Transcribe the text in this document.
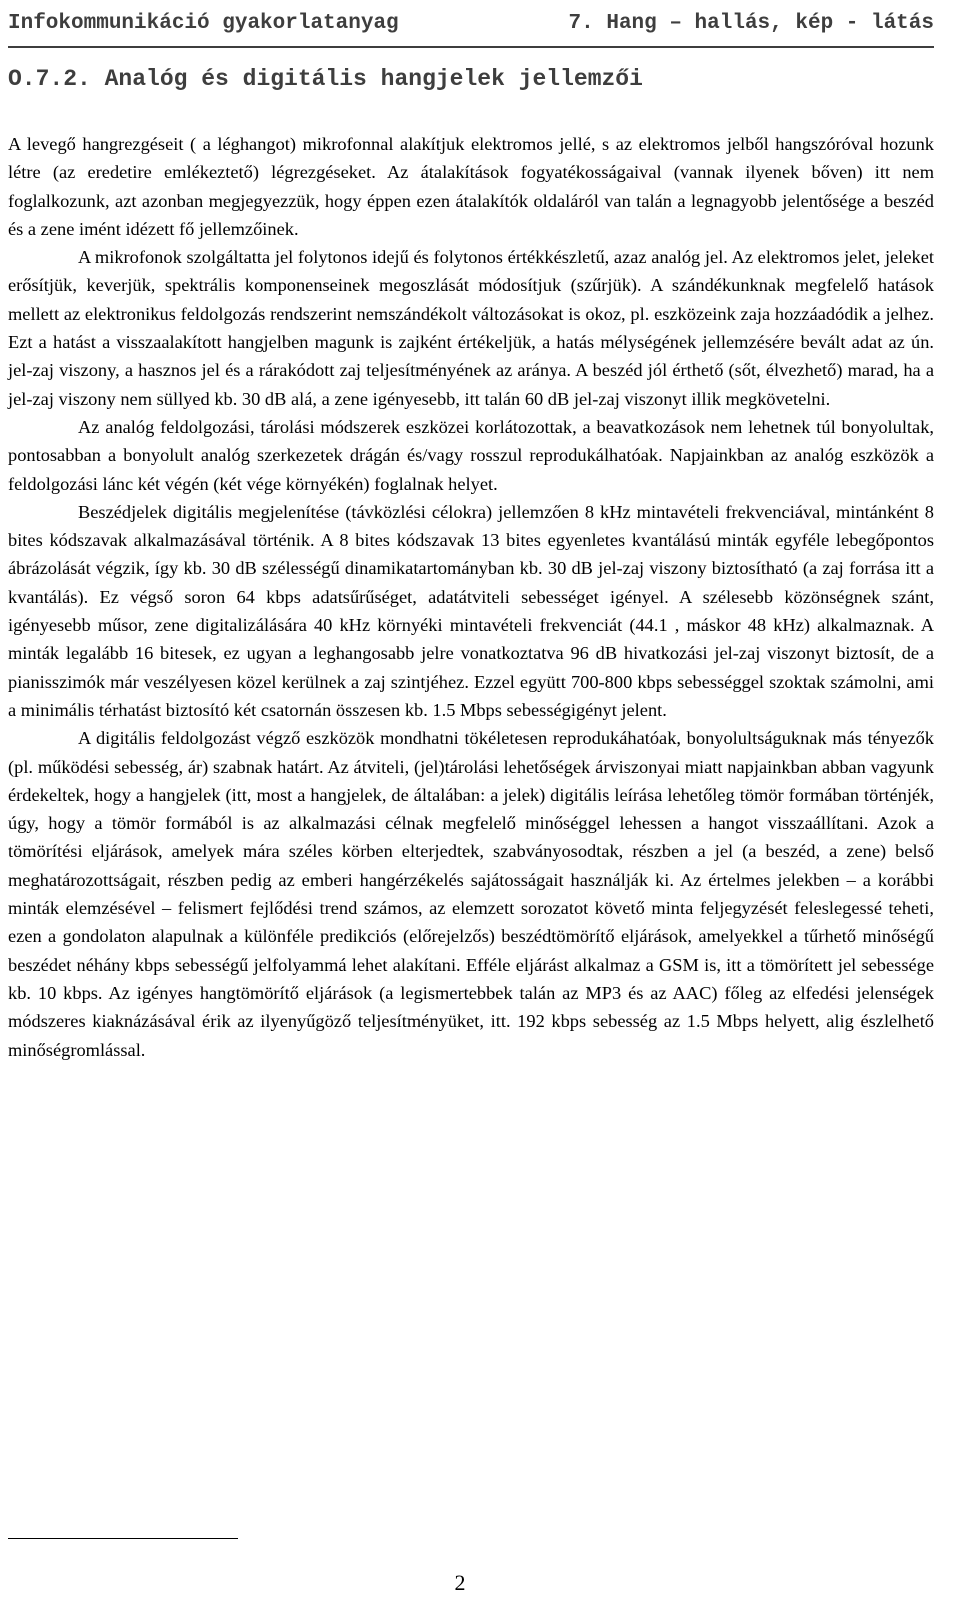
Infokommunikáció gyakorlatanyag	7. Hang – hallás, kép - látás
O.7.2. Analóg és digitális hangjelek jellemzői

A levegő hangrezgéseit ( a léghangot) mikrofonnal alakítjuk elektromos jellé, s az elektromos jelből hangszóróval hozunk létre (az eredetire emlékeztető) légrezgéseket. Az átalakítások fogyatékosságaival (vannak ilyenek bőven) itt nem foglalkozunk, azt azonban megjegyezzük, hogy éppen ezen átalakítók oldaláról van talán a legnagyobb jelentősége a beszéd és a zene imént idézett fő jellemzőinek.

A mikrofonok szolgáltatta jel folytonos idejű és folytonos értékkészletű, azaz analóg jel. Az elektromos jelet, jeleket erősítjük, keverjük, spektrális komponenseinek megoszlását módosítjuk (szűrjük). A szándékunknak megfelelő hatások mellett az elektronikus feldolgozás rendszerint nemszándékolt változásokat is okoz, pl. eszközeink zaja hozzáadódik a jelhez. Ezt a hatást a visszaalakított hangjelben magunk is zajként értékeljük, a hatás mélységének jellemzésére bevált adat az ún. jel-zaj viszony, a hasznos jel és a rárakódott zaj teljesítményének az aránya. A beszéd jól érthető (sőt, élvezhető) marad, ha a jel-zaj viszony nem süllyed kb. 30 dB alá, a zene igényesebb, itt talán 60 dB jel-zaj viszonyt illik megkövetelni.

Az analóg feldolgozási, tárolási módszerek eszközei korlátozottak, a beavatkozások nem lehetnek túl bonyolultak, pontosabban a bonyolult analóg szerkezetek drágán és/vagy rosszul reprodukálhatóak. Napjainkban az analóg eszközök a feldolgozási lánc két végén (két vége környékén) foglalnak helyet.

Beszédjelek digitális megjelenítése (távközlési célokra) jellemzően 8 kHz mintavételi frekvenciával, mintánként 8 bites kódszavak alkalmazásával történik. A 8 bites kódszavak 13 bites egyenletes kvantálású minták egyféle lebegőpontos ábrázolását végzik, így kb. 30 dB szélességű dinamikatartományban kb. 30 dB jel-zaj viszony biztosítható (a zaj forrása itt a kvantálás). Ez végső soron 64 kbps adatsűrűséget, adatátviteli sebességet igényel. A szélesebb közönségnek szánt, igényesebb műsor, zene digitalizálására 40 kHz környéki mintavételi frekvenciát (44.1 , máskor 48 kHz) alkalmaznak. A minták legalább 16 bitesek, ez ugyan a leghangosabb jelre vonatkoztatva 96 dB hivatkozási jel-zaj viszonyt biztosít, de a pianisszimók már veszélyesen közel kerülnek a zaj szintjéhez. Ezzel együtt 700-800 kbps sebességgel szoktak számolni, ami a minimális térhatást biztosító két csatornán összesen kb. 1.5 Mbps sebességigényt jelent.

A digitális feldolgozást végző eszközök mondhatni tökéletesen reprodukáhatóak, bonyolultságuknak más tényezők (pl. működési sebesség, ár) szabnak határt. Az átviteli, (jel)tárolási lehetőségek árviszonyai miatt napjainkban abban vagyunk érdekeltek, hogy a hangjelek (itt, most a hangjelek, de általában: a jelek) digitális leírása lehetőleg tömör formában történjék, úgy, hogy a tömör formából is az alkalmazási célnak megfelelő minőséggel lehessen a hangot visszaállítani. Azok a tömörítési eljárások, amelyek mára széles körben elterjedtek, szabványosodtak, részben a jel (a beszéd, a zene) belső meghatározottságait, részben pedig az emberi hangérzékelés sajátosságait használják ki. Az értelmes jelekben – a korábbi minták elemzésével – felismert fejlődési trend számos, az elemzett sorozatot követő minta feljegyzését feleslegessé teheti, ezen a gondolaton alapulnak a különféle predikciós (előrejelzős) beszédtömörítő eljárások, amelyekkel a tűrhető minőségű beszédet néhány kbps sebességű jelfolyammá lehet alakítani. Efféle eljárást alkalmaz a GSM is, itt a tömörített jel sebessége kb. 10 kbps. Az igényes hangtömörítő eljárások (a legismertebbek talán az MP3 és az AAC) főleg az elfedési jelenségek módszeres kiaknázásával érik az ilyenyűgöző teljesítményüket, itt. 192 kbps sebesség az 1.5 Mbps helyett, alig észlelhető minőségromlással.

2
